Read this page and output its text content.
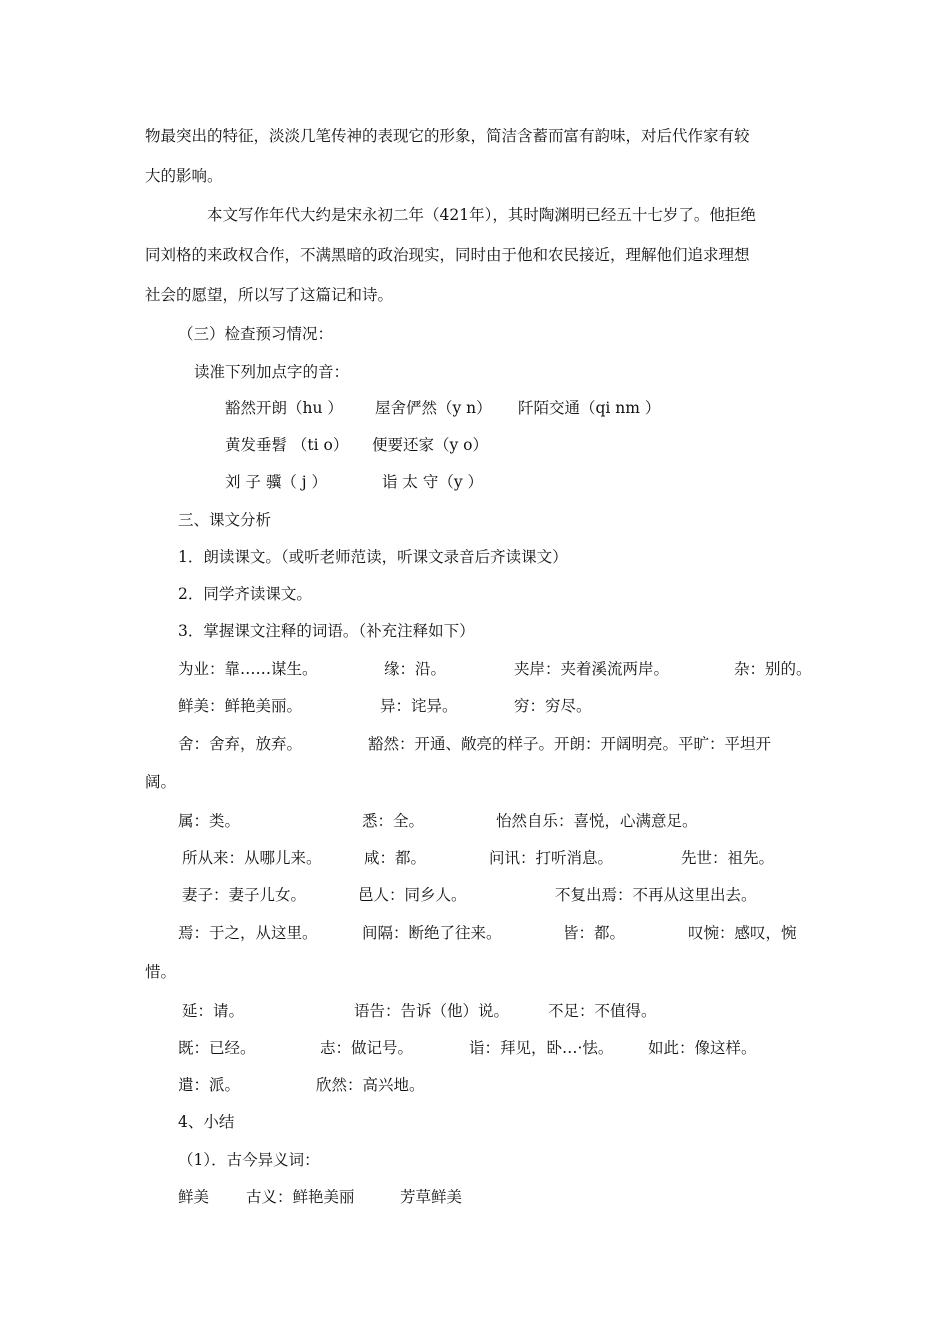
物最突出的特征，淡淡几笔传神的表现它的形象，简洁含蓄而富有韵味，对后代作家有较
大的影响。
本文写作年代大约是宋永初二年（421年），其时陶渊明已经五十七岁了。他拒绝
同刘格的来政权合作，不满黑暗的政治现实，同时由于他和农民接近，理解他们追求理想
社会的愿望，所以写了这篇记和诗。
（三）检查预习情况：
读准下列加点字的音：
豁然开朗（hu ） 屋舍俨然（y n） 阡陌交通（qi nm ）
黄发垂髫 （ti o） 便要还家（y o）
刘 子 骥（ j ）	诣 太 守（y ）
三、课文分析
1．朗读课文。（或听老师范读，听课文录音后齐读课文）
2．同学齐读课文。
3．掌握课文注释的词语。（补充注释如下）
为业：靠……谋生。	缘：沿。	夹岸：夹着溪流两岸。	杂：别的。
鲜美：鲜艳美丽。	异：诧异。	穷：穷尽。
舍：舍弃，放弃。	豁然：开通、敞亮的样子。开朗：开阔明亮。平旷：平坦开
阔。
属：类。	悉：全。	怡然自乐：喜悦，心满意足。
所从来：从哪儿来。	咸：都。	问讯：打听消息。	先世：祖先。
妻子：妻子儿女。	邑人：同乡人。	不复出焉：不再从这里出去。
焉：于之，从这里。	间隔：断绝了往来。	皆：都。	叹惋：感叹，惋
惜。
延：请。	语告：告诉（他）说。	不足：不值得。
既：已经。	志：做记号。	诣：拜见，卧…·怯。 如此：像这样。
遣：派。	欣然：高兴地。
4、小结
（1）．古今异义词：
鲜美 古义：鲜艳美丽	芳草鲜美
